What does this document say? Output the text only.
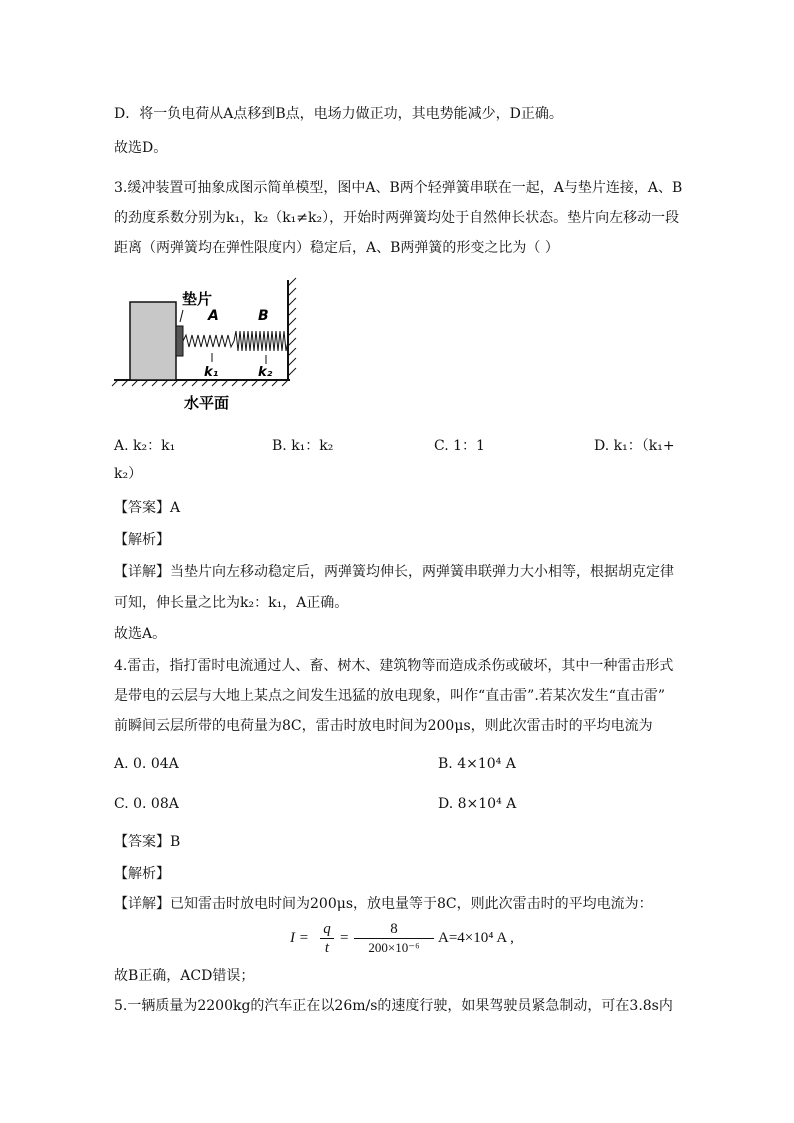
D．将一负电荷从A点移到B点，电场力做正功，其电势能减少，D正确。
故选D。
3.缓冲装置可抽象成图示简单模型，图中A、B两个轻弹簧串联在一起，A与垫片连接，A、B
的劲度系数分别为k₁，k₂（k₁≠k₂），开始时两弹簧均处于自然伸长状态。垫片向左移动一段
距离（两弹簧均在弹性限度内）稳定后，A、B两弹簧的形变之比为（ ）
垫片
A	B
k₁	k₂
水平面
A. k₂：k₁	B. k₁：k₂	C. 1：1	D. k₁：（k₁+
k₂）
【答案】A
【解析】
【详解】当垫片向左移动稳定后，两弹簧均伸长，两弹簧串联弹力大小相等，根据胡克定律
可知，伸长量之比为k₂：k₁，A正确。
故选A。
4.雷击，指打雷时电流通过人、畜、树木、建筑物等而造成杀伤或破坏，其中一种雷击形式
是带电的云层与大地上某点之间发生迅猛的放电现象，叫作“直击雷”.若某次发生“直击雷”
前瞬间云层所带的电荷量为8C，雷击时放电时间为200μs，则此次雷击时的平均电流为
A. 0. 04A	B. 4×10⁴ A
C. 0. 08A	D. 8×10⁴ A
【答案】B
【解析】
【详解】已知雷击时放电时间为200μs，放电量等于8C，则此次雷击时的平均电流为：
$I = \frac{q}{t} = \frac{8}{\text{200×10⁻⁶}} A=4\times 10^4$ A ,
故B正确，ACD错误；
5.一辆质量为2200kg的汽车正在以26m/s的速度行驶，如果驾驶员紧急制动，可在3.8s内
